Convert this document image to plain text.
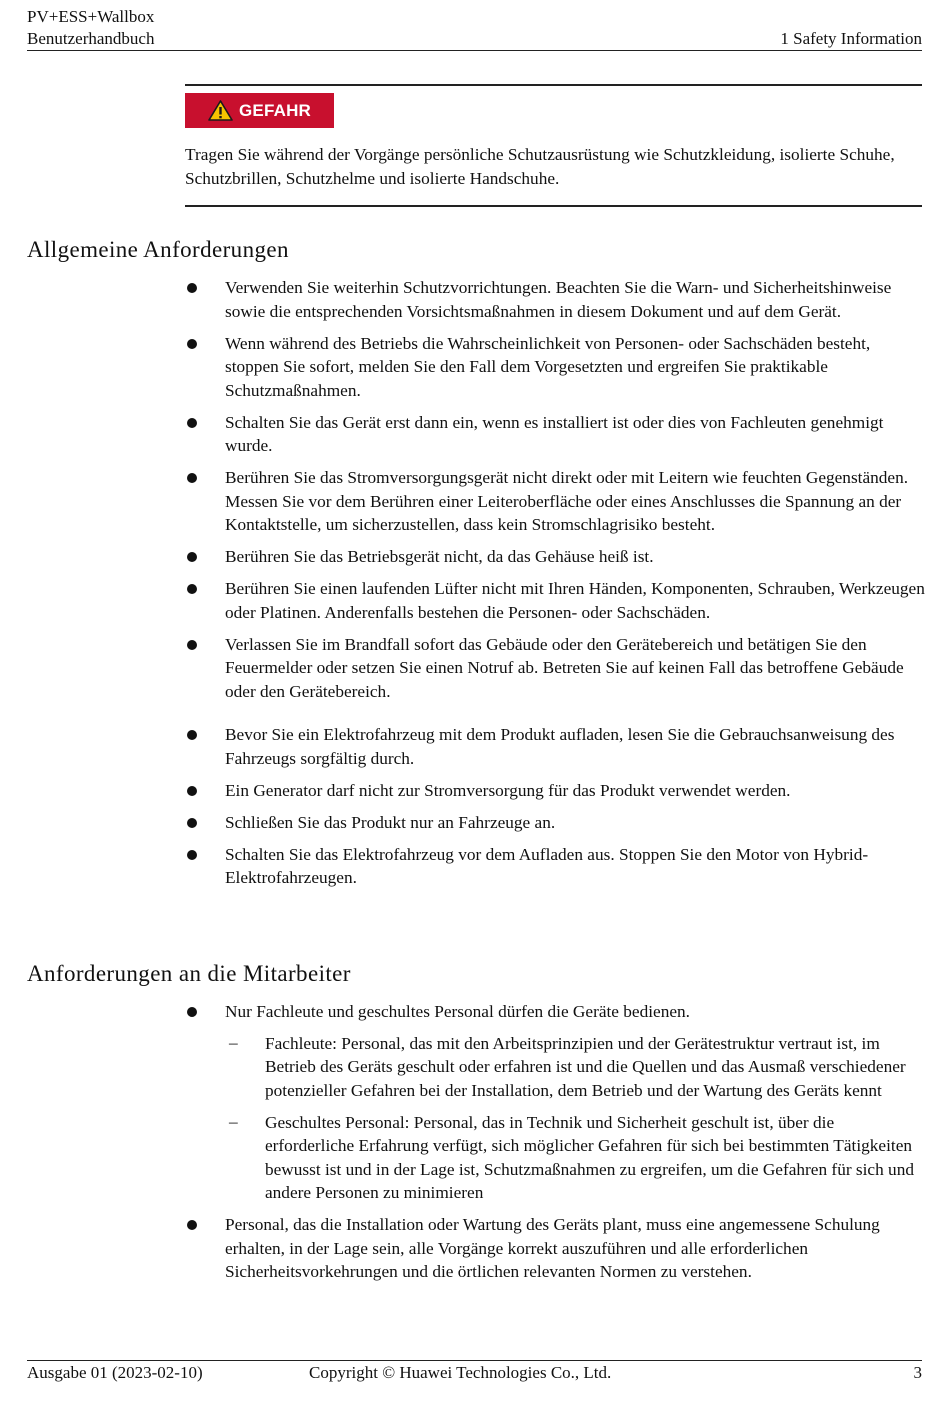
PV+ESS+Wallbox
Benutzerhandbuch	1 Safety Information
GEFAHR
Tragen Sie während der Vorgänge persönliche Schutzausrüstung wie Schutzkleidung, isolierte Schuhe, Schutzbrillen, Schutzhelme und isolierte Handschuhe.
Allgemeine Anforderungen
Verwenden Sie weiterhin Schutzvorrichtungen. Beachten Sie die Warn- und Sicherheitshinweise sowie die entsprechenden Vorsichtsmaßnahmen in diesem Dokument und auf dem Gerät.
Wenn während des Betriebs die Wahrscheinlichkeit von Personen- oder Sachschäden besteht, stoppen Sie sofort, melden Sie den Fall dem Vorgesetzten und ergreifen Sie praktikable Schutzmaßnahmen.
Schalten Sie das Gerät erst dann ein, wenn es installiert ist oder dies von Fachleuten genehmigt wurde.
Berühren Sie das Stromversorgungsgerät nicht direkt oder mit Leitern wie feuchten Gegenständen. Messen Sie vor dem Berühren einer Leiteroberfläche oder eines Anschlusses die Spannung an der Kontaktstelle, um sicherzustellen, dass kein Stromschlagrisiko besteht.
Berühren Sie das Betriebsgerät nicht, da das Gehäuse heiß ist.
Berühren Sie einen laufenden Lüfter nicht mit Ihren Händen, Komponenten, Schrauben, Werkzeugen oder Platinen. Anderenfalls bestehen die Personen- oder Sachschäden.
Verlassen Sie im Brandfall sofort das Gebäude oder den Gerätebereich und betätigen Sie den Feuermelder oder setzen Sie einen Notruf ab. Betreten Sie auf keinen Fall das betroffene Gebäude oder den Gerätebereich.
Bevor Sie ein Elektrofahrzeug mit dem Produkt aufladen, lesen Sie die Gebrauchsanweisung des Fahrzeugs sorgfältig durch.
Ein Generator darf nicht zur Stromversorgung für das Produkt verwendet werden.
Schließen Sie das Produkt nur an Fahrzeuge an.
Schalten Sie das Elektrofahrzeug vor dem Aufladen aus. Stoppen Sie den Motor von Hybrid-Elektrofahrzeugen.
Anforderungen an die Mitarbeiter
Nur Fachleute und geschultes Personal dürfen die Geräte bedienen.
– Fachleute: Personal, das mit den Arbeitsprinzipien und der Gerätestruktur vertraut ist, im Betrieb des Geräts geschult oder erfahren ist und die Quellen und das Ausmaß verschiedener potenzieller Gefahren bei der Installation, dem Betrieb und der Wartung des Geräts kennt
– Geschultes Personal: Personal, das in Technik und Sicherheit geschult ist, über die erforderliche Erfahrung verfügt, sich möglicher Gefahren für sich bei bestimmten Tätigkeiten bewusst ist und in der Lage ist, Schutzmaßnahmen zu ergreifen, um die Gefahren für sich und andere Personen zu minimieren
Personal, das die Installation oder Wartung des Geräts plant, muss eine angemessene Schulung erhalten, in der Lage sein, alle Vorgänge korrekt auszuführen und alle erforderlichen Sicherheitsvorkehrungen und die örtlichen relevanten Normen zu verstehen.
Ausgabe 01 (2023-02-10)	Copyright © Huawei Technologies Co., Ltd.	3
